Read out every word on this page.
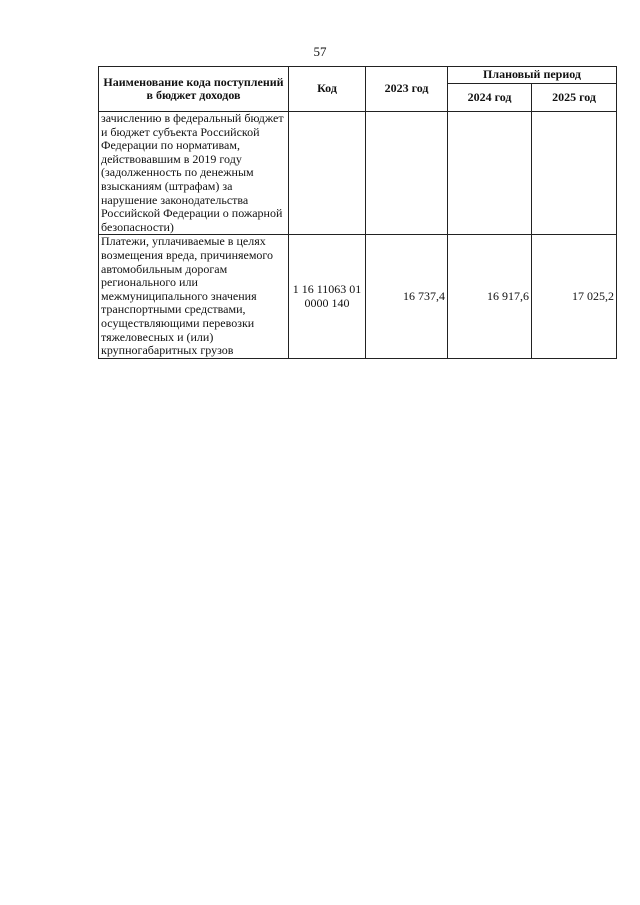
57
Наименование кода поступлений в бюджет доходов	Код	2023 год	Плановый период	
			2024 год	2025 год
зачислению в федеральный бюджет и бюджет субъекта Российской Федерации по нормативам, действовавшим в 2019 году (задолженность по денежным взысканиям (штрафам) за нарушение законодательства Российской Федерации о пожарной безопасности)				
Платежи, уплачиваемые в целях возмещения вреда, причиняемого автомобильным дорогам регионального или межмуниципального значения транспортными средствами, осуществляющими перевозки тяжеловесных и (или) крупногабаритных грузов	1 16 11063 01 0000 140	16 737,4	16 917,6	17 025,2
